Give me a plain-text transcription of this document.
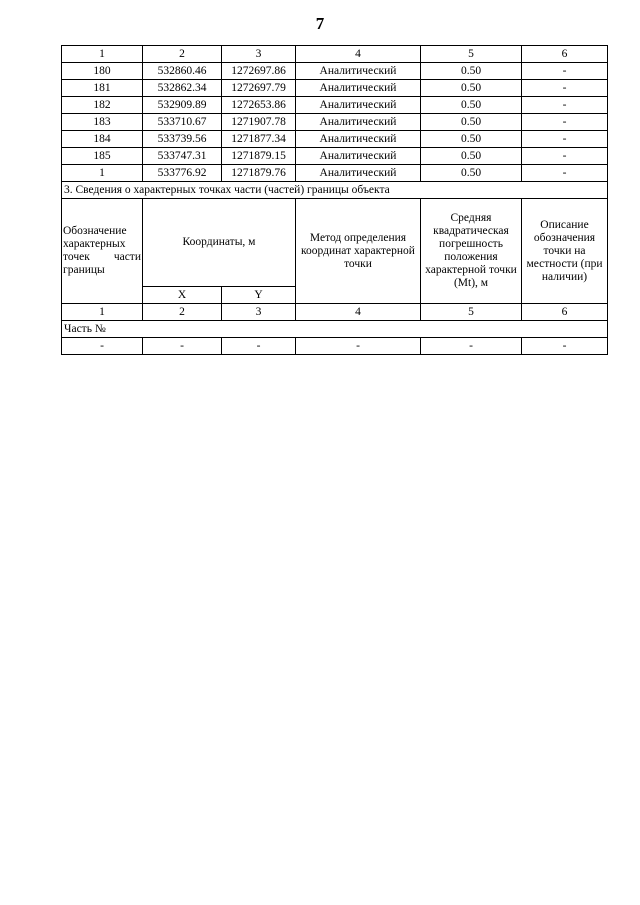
7
1	2	3	4	5	6
180	532860.46	1272697.86	Аналитический	0.50	-
181	532862.34	1272697.79	Аналитический	0.50	-
182	532909.89	1272653.86	Аналитический	0.50	-
183	533710.67	1271907.78	Аналитический	0.50	-
184	533739.56	1271877.34	Аналитический	0.50	-
185	533747.31	1271879.15	Аналитический	0.50	-
1	533776.92	1271879.76	Аналитический	0.50	-
3. Сведения о характерных точках части (частей) границы объекта					
Обозначение характерных точек части границы	Координаты, м		Метод определения координат характерной точки	Средняя квадратическая погрешность положения характерной точки (Mt), м	Описание обозначения точки на местности (при наличии)
	X	Y			
1	2	3	4	5	6
Часть №					
-	-	-	-	-	-
